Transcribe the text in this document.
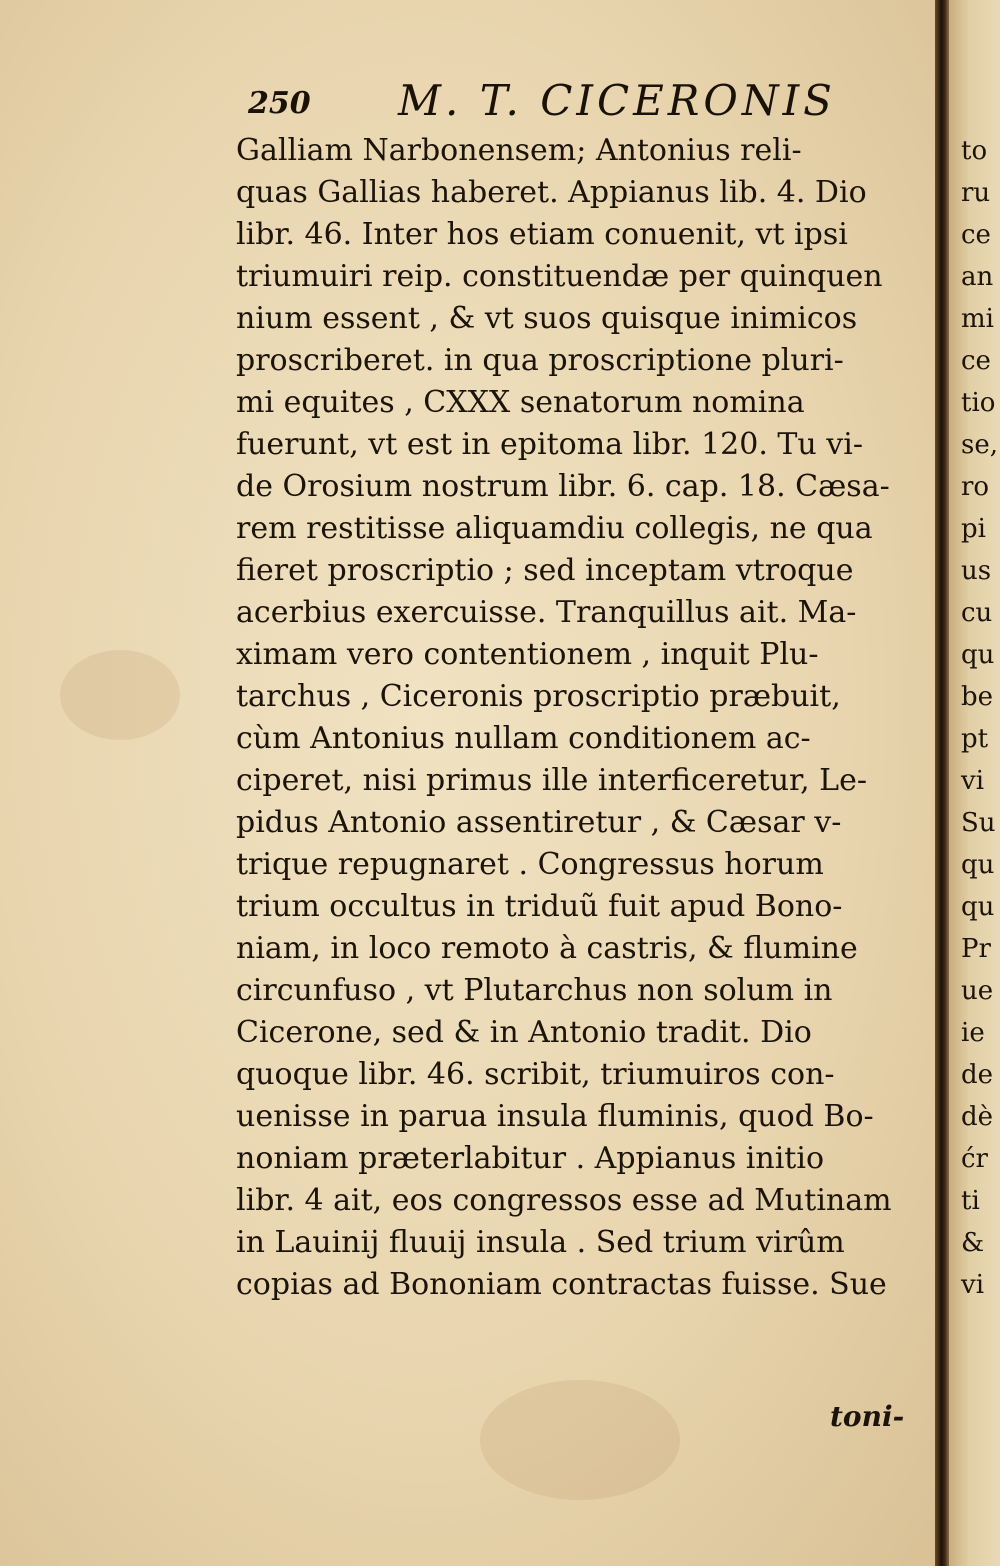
250 M. T. CICERONIS
Galliam Narbonensem; Antonius reli-
quas Gallias haberet. Appianus lib. 4. Dio
libr. 46. Inter hos etiam conuenit, vt ipsi
triumuiri reip. constituendæ per quinquen
nium essent , & vt suos quisque inimicos
proscriberet. in qua proscriptione pluri-
mi equites , CXXX senatorum nomina
fuerunt, vt est in epitoma libr. 120. Tu vi-
de Orosium nostrum libr. 6. cap. 18. Cæsa-
rem restitisse aliquamdiu collegis, ne qua
fieret proscriptio ; sed inceptam vtroque
acerbius exercuisse. Tranquillus ait. Ma-
ximam vero contentionem , inquit Plu-
tarchus , Ciceronis proscriptio præbuit,
cùm Antonius nullam conditionem ac-
ciperet, nisi primus ille interficeretur, Le-
pidus Antonio assentiretur , & Cæsar v-
trique repugnaret . Congressus horum
trium occultus in triduũ fuit apud Bono-
niam, in loco remoto à castris, & flumine
circunfuso , vt Plutarchus non solum in
Cicerone, sed & in Antonio tradit. Dio
quoque libr. 46. scribit, triumuiros con-
uenisse in parua insula fluminis, quod Bo-
noniam præterlabitur . Appianus initio
libr. 4 ait, eos congressos esse ad Mutinam
in Lauinij fluuij insula . Sed trium virûm
copias ad Bononiam contractas fuisse. Sue
toni-
to
ru
ce
an
mi
ce
tio
se,
ro
pi
us
cu
qu
be
pt
vi
Su
qu
qu
Pr
ue
ie
de
dè
ćr
ti
&
vi
